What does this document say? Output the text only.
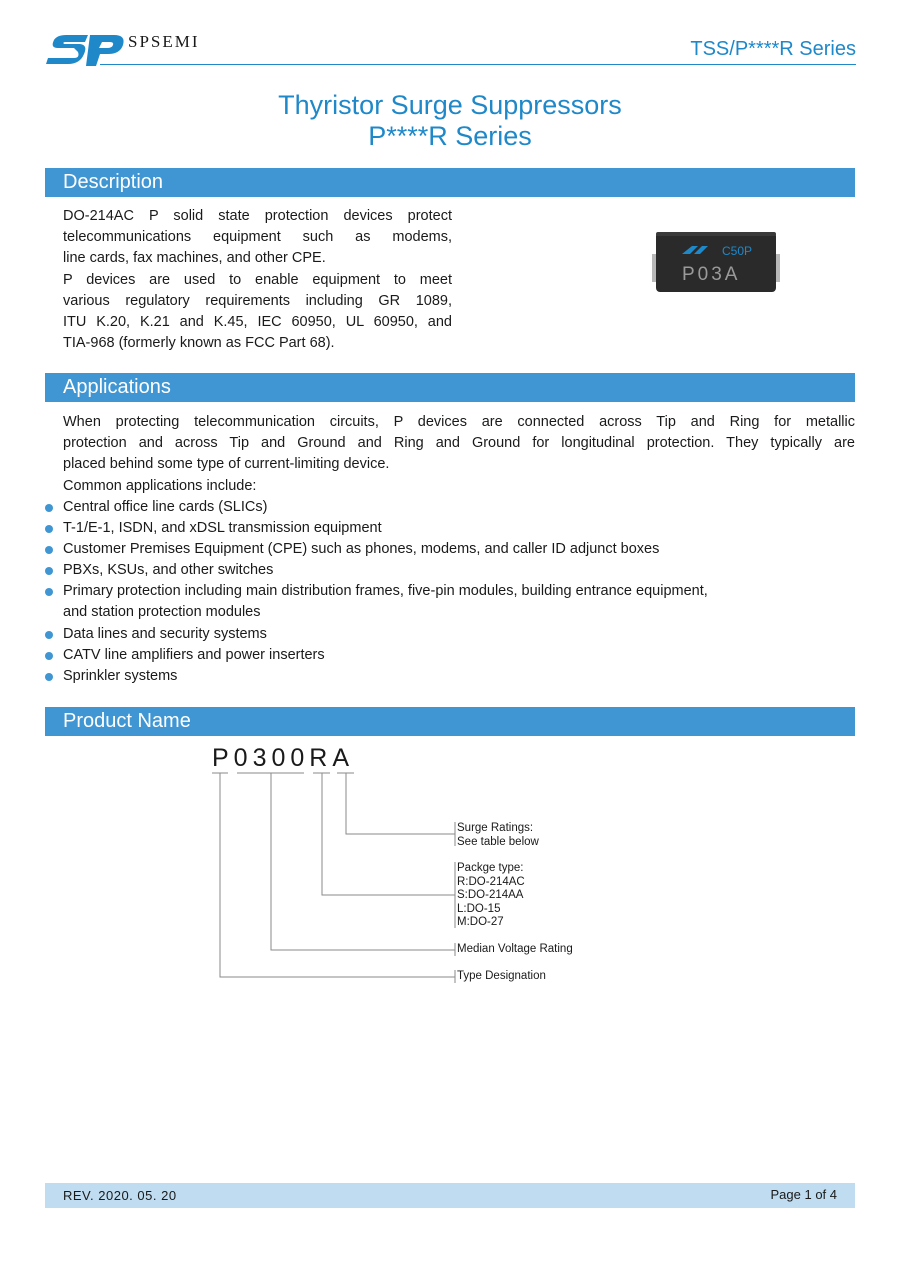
SPSEMI	TSS/P****R Series
Thyristor Surge Suppressors
P****R Series
Description
DO-214AC P solid state protection devices protect
telecommunications equipment such as modems,
line cards, fax machines, and other CPE.
P devices are used to enable equipment to meet
various regulatory requirements including GR 1089,
ITU K.20, K.21 and K.45, IEC 60950, UL 60950, and
TIA-968 (formerly known as FCC Part 68).
C50P
P03A
Applications
When protecting telecommunication circuits, P devices are connected across Tip and Ring for metallic
protection and across Tip and Ground and Ring and Ground for longitudinal protection. They typically are
placed behind some type of current-limiting device.
Common applications include:
Central office line cards (SLICs)
T-1/E-1, ISDN, and xDSL transmission equipment
Customer Premises Equipment (CPE) such as phones, modems, and caller ID adjunct boxes
PBXs, KSUs, and other switches
Primary protection including main distribution frames, five-pin modules, building entrance equipment,
and station protection modules
Data lines and security systems
CATV line amplifiers and power inserters
Sprinkler systems
Product Name
P0300RA
Surge Ratings:
See table below
Packge type:
R:DO-214AC
S:DO-214AA
L:DO-15
M:DO-27
Median Voltage Rating
Type Designation
REV. 2020. 05. 20	Page 1 of 4
